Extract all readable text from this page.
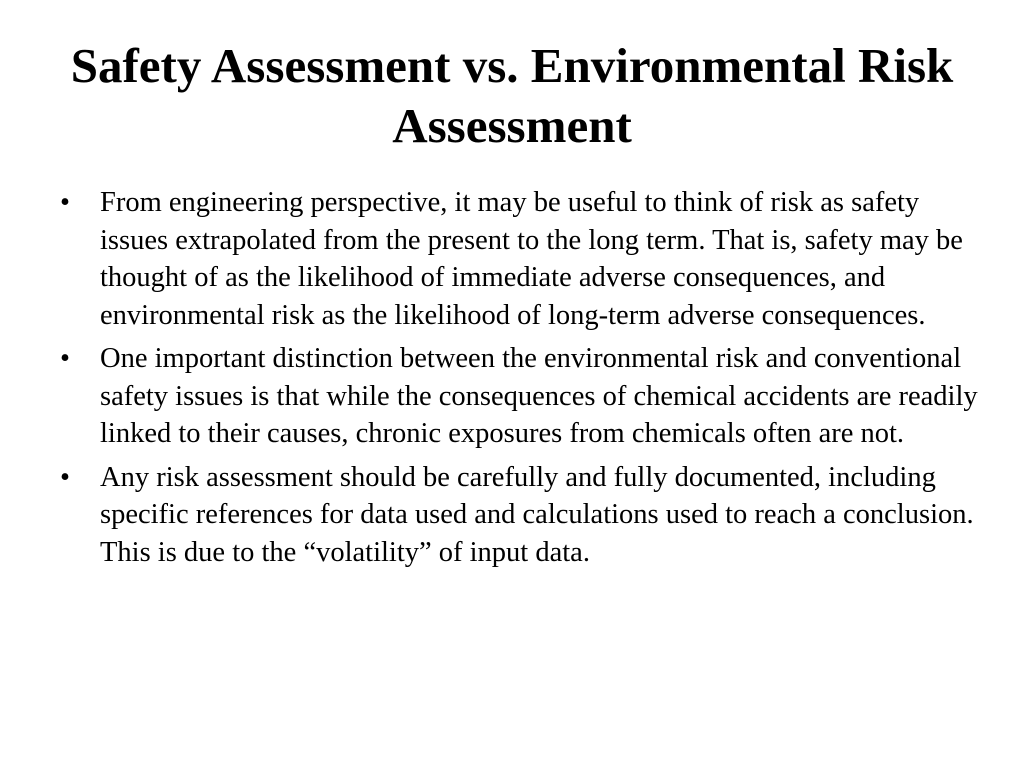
Safety Assessment vs. Environmental Risk Assessment
•	From engineering perspective, it may be useful to think of risk as safety issues extrapolated from the present to the long term. That is, safety may be thought of as the likelihood of immediate adverse consequences, and environmental risk as the likelihood of long-term adverse consequences.
•	One important distinction between the environmental risk and conventional safety issues is that while the consequences of chemical accidents are readily linked to their causes, chronic exposures from chemicals often are not.
•	Any risk assessment should be carefully and fully documented, including specific references for data used and calculations used to reach a conclusion. This is due to the “volatility” of input data.
